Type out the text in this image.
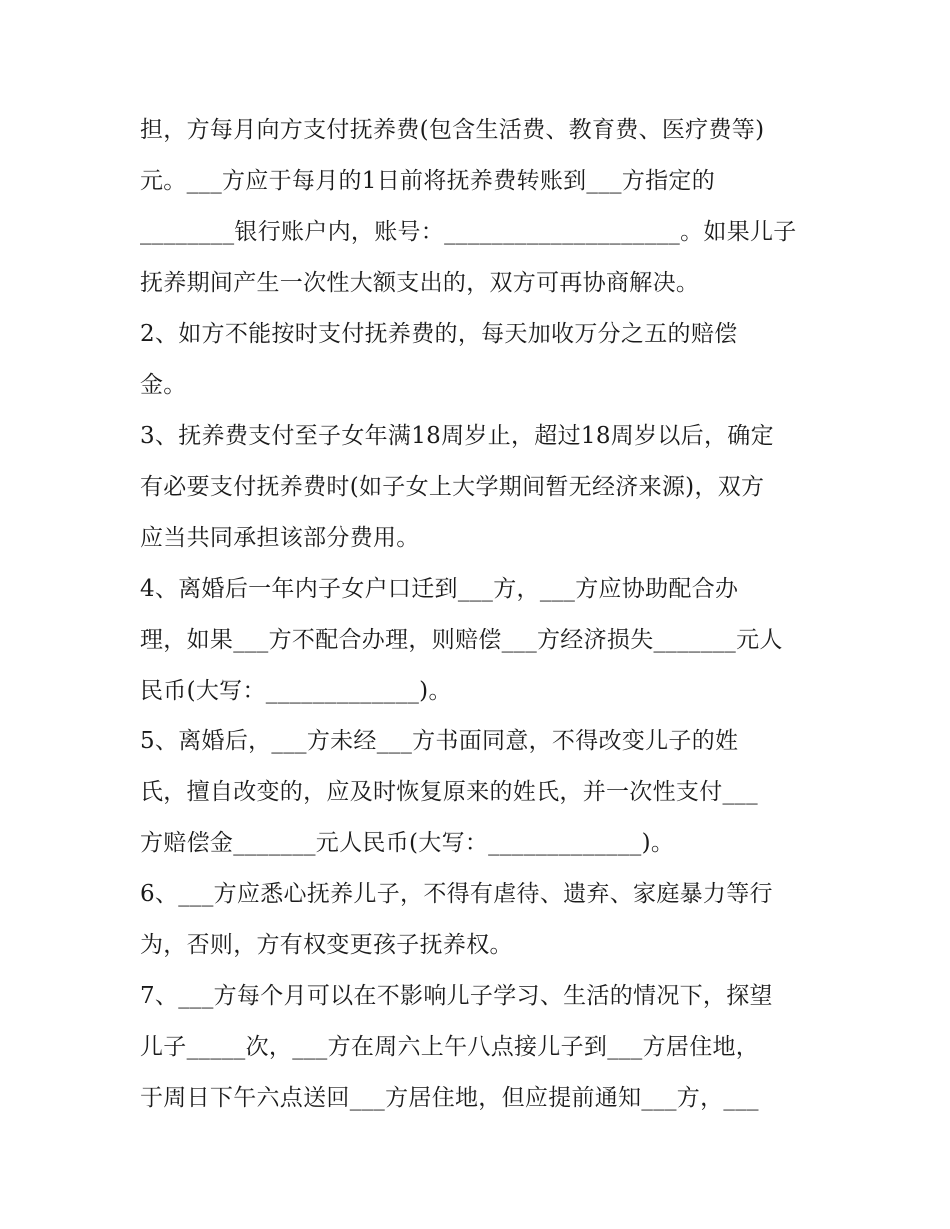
担，方每月向方支付抚养费(包含生活费、教育费、医疗费等)
元。___方应于每月的1日前将抚养费转账到___方指定的
________银行账户内，账号：____________________。如果儿子
抚养期间产生一次性大额支出的，双方可再协商解决。
2、如方不能按时支付抚养费的，每天加收万分之五的赔偿
金。
3、抚养费支付至子女年满18周岁止，超过18周岁以后，确定
有必要支付抚养费时(如子女上大学期间暂无经济来源)，双方
应当共同承担该部分费用。
4、离婚后一年内子女户口迁到___方，___方应协助配合办
理，如果___方不配合办理，则赔偿___方经济损失_______元人
民币(大写：_____________)。
5、离婚后，___方未经___方书面同意，不得改变儿子的姓
氏，擅自改变的，应及时恢复原来的姓氏，并一次性支付___
方赔偿金_______元人民币(大写：_____________)。
6、___方应悉心抚养儿子，不得有虐待、遗弃、家庭暴力等行
为，否则，方有权变更孩子抚养权。
7、___方每个月可以在不影响儿子学习、生活的情况下，探望
儿子_____次，___方在周六上午八点接儿子到___方居住地，
于周日下午六点送回___方居住地，但应提前通知___方，___
